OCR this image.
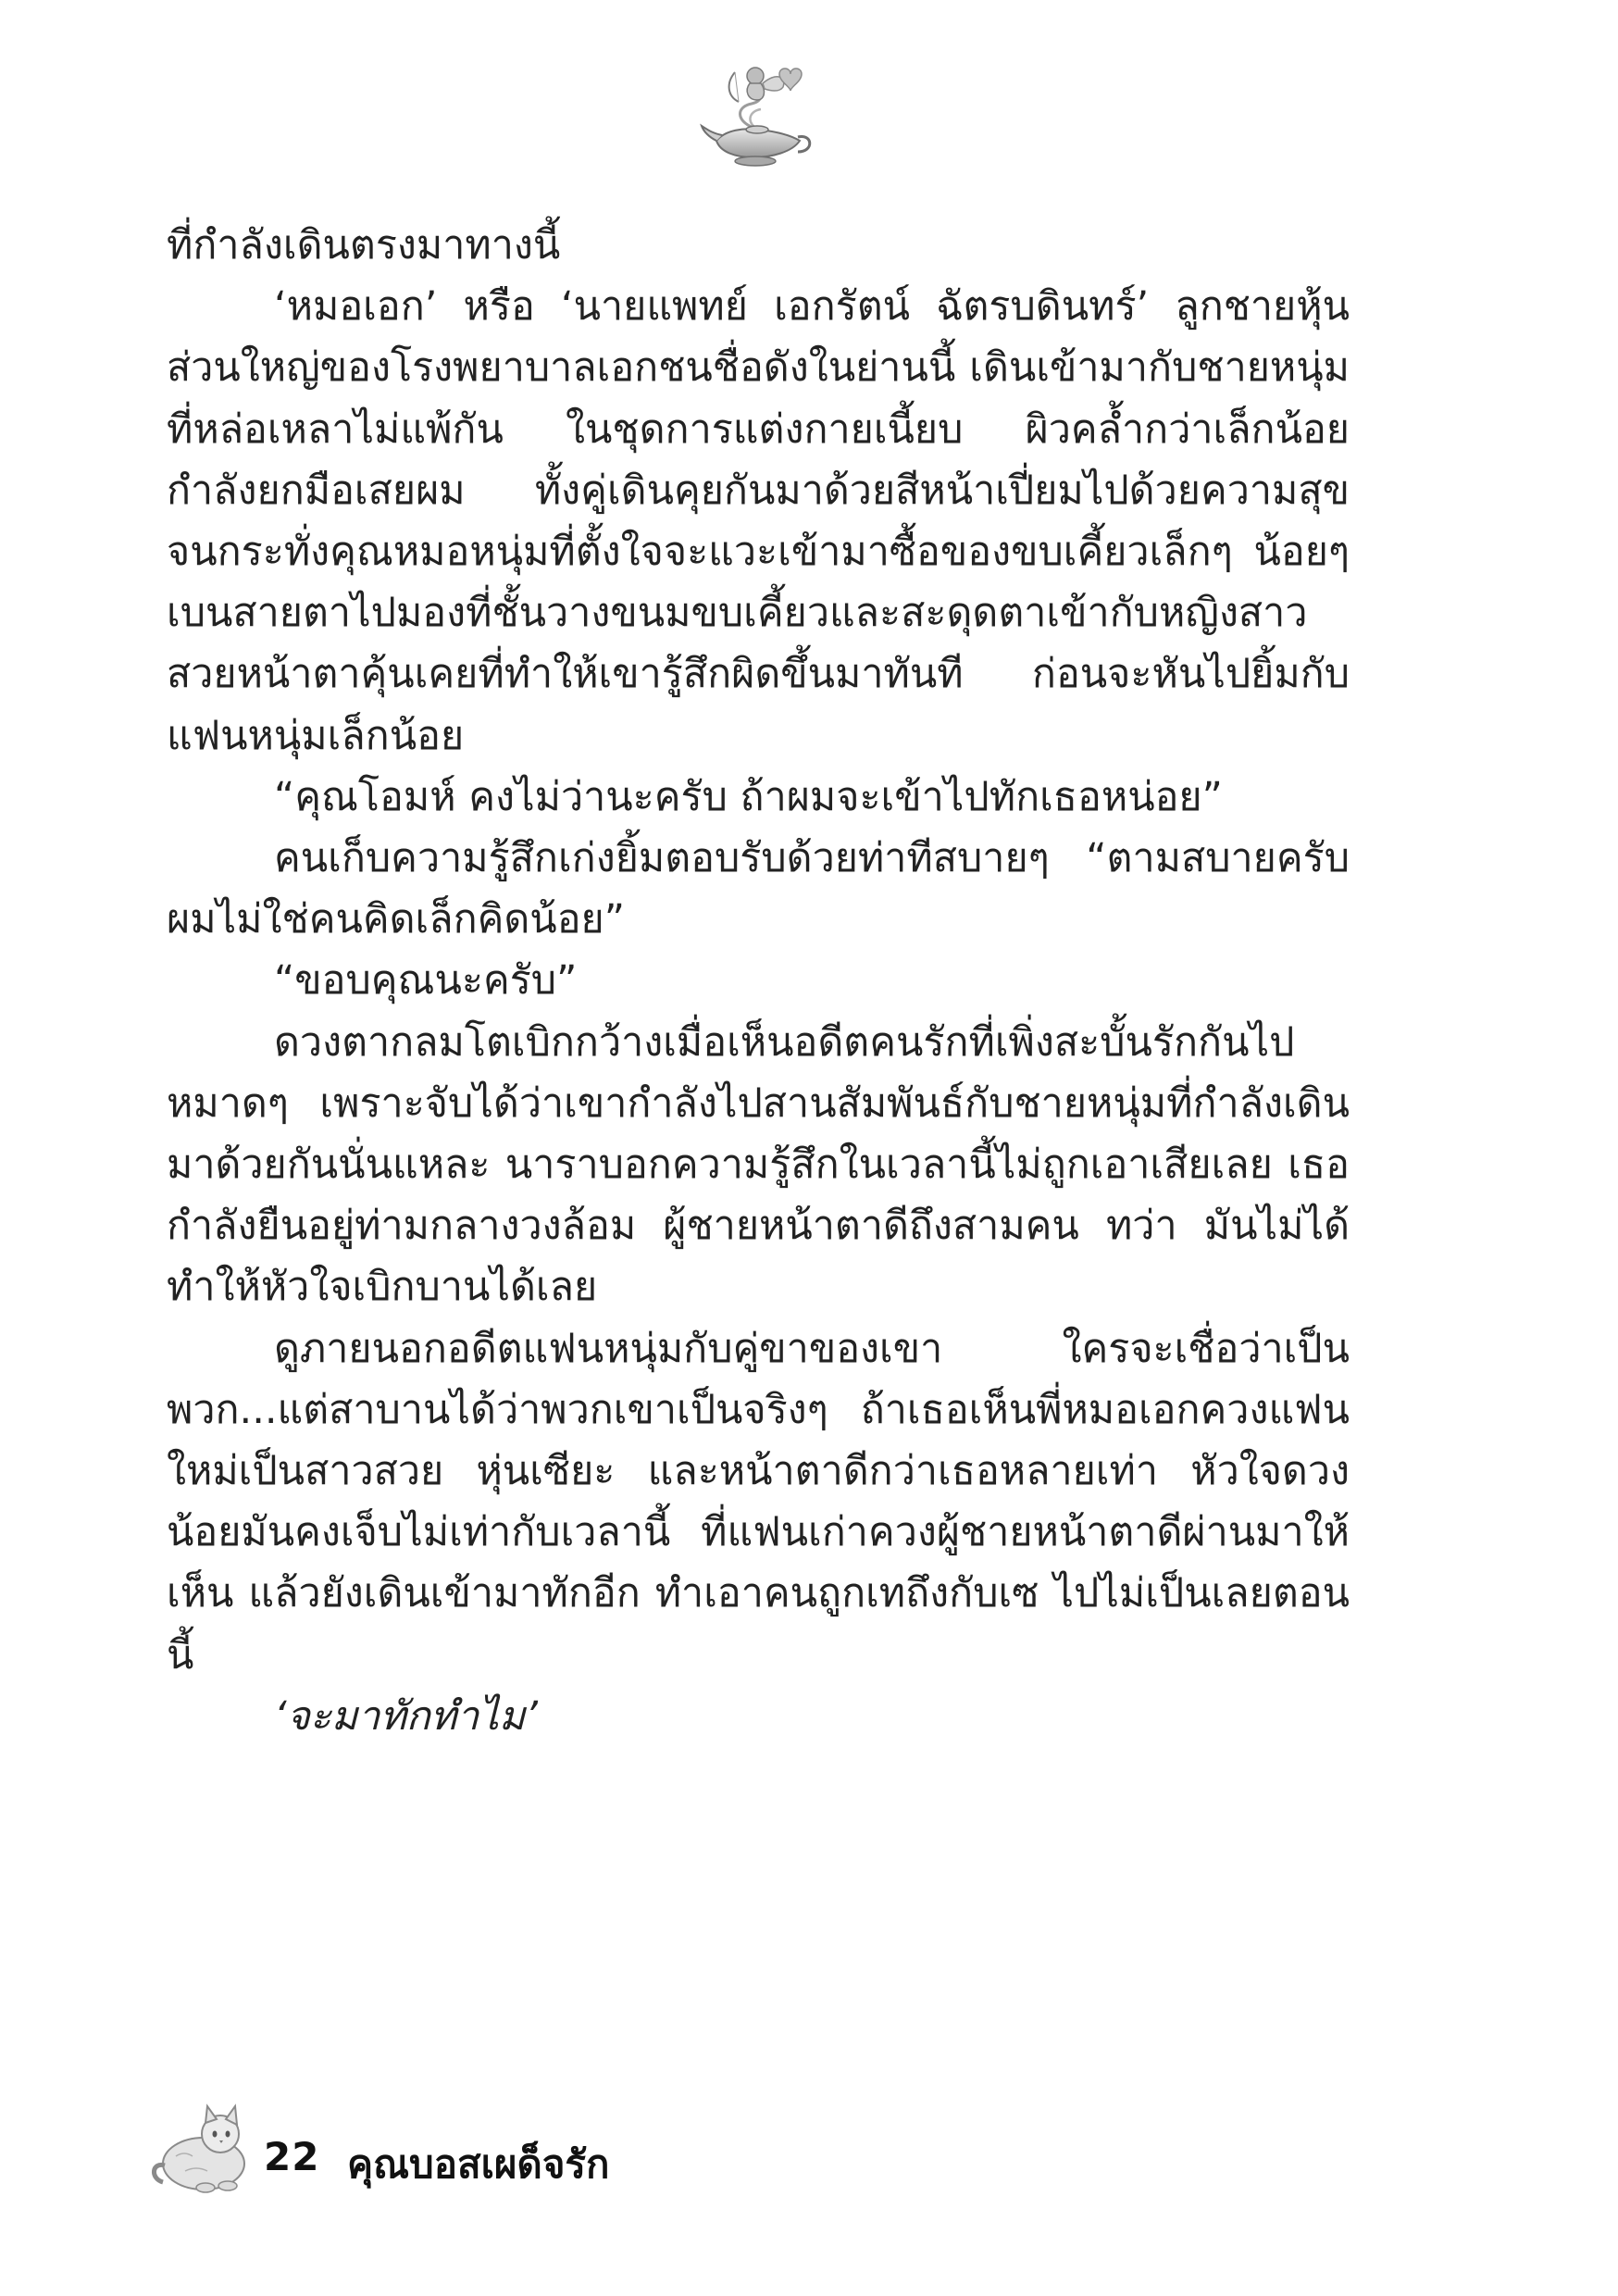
ที่กำลังเดินตรงมาทางนี้

‘หมอเอก’ หรือ ‘นายแพทย์ เอกรัตน์ ฉัตรบดินทร์’ ลูกชายหุ้นส่วนใหญ่ของโรงพยาบาลเอกชนชื่อดังในย่านนี้ เดินเข้ามากับชายหนุ่มที่หล่อเหลาไม่แพ้กัน ในชุดการแต่งกายเนี้ยบ ผิวคล้ำกว่าเล็กน้อย กำลังยกมือเสยผม ทั้งคู่เดินคุยกันมาด้วยสีหน้าเปี่ยมไปด้วยความสุข จนกระทั่งคุณหมอหนุ่มที่ตั้งใจจะแวะเข้ามาซื้อของขบเคี้ยวเล็กๆ น้อยๆ เบนสายตาไปมองที่ชั้นวางขนมขบเคี้ยวและสะดุดตาเข้ากับหญิงสาวสวยหน้าตาคุ้นเคยที่ทำให้เขารู้สึกผิดขึ้นมาทันที ก่อนจะหันไปยิ้มกับแฟนหนุ่มเล็กน้อย

“คุณโอมห์ คงไม่ว่านะครับ ถ้าผมจะเข้าไปทักเธอหน่อย”

คนเก็บความรู้สึกเก่งยิ้มตอบรับด้วยท่าทีสบายๆ “ตามสบายครับ ผมไม่ใช่คนคิดเล็กคิดน้อย”

“ขอบคุณนะครับ”

ดวงตากลมโตเบิกกว้างเมื่อเห็นอดีตคนรักที่เพิ่งสะบั้นรักกันไปหมาดๆ เพราะจับได้ว่าเขากำลังไปสานสัมพันธ์กับชายหนุ่มที่กำลังเดินมาด้วยกันนั่นแหละ นาราบอกความรู้สึกในเวลานี้ไม่ถูกเอาเสียเลย เธอกำลังยืนอยู่ท่ามกลางวงล้อม ผู้ชายหน้าตาดีถึงสามคน ทว่า มันไม่ได้ทำให้หัวใจเบิกบานได้เลย

ดูภายนอกอดีตแฟนหนุ่มกับคู่ขาของเขา ใครจะเชื่อว่าเป็นพวก...แต่สาบานได้ว่าพวกเขาเป็นจริงๆ ถ้าเธอเห็นพี่หมอเอกควงแฟนใหม่เป็นสาวสวย หุ่นเซียะ และหน้าตาดีกว่าเธอหลายเท่า หัวใจดวงน้อยมันคงเจ็บไม่เท่ากับเวลานี้ ที่แฟนเก่าควงผู้ชายหน้าตาดีผ่านมาให้เห็น แล้วยังเดินเข้ามาทักอีก ทำเอาคนถูกเทถึงกับเซ ไปไม่เป็นเลยตอนนี้

‘จะมาทักทำไม’

22 คุณบอสเผด็จรัก
